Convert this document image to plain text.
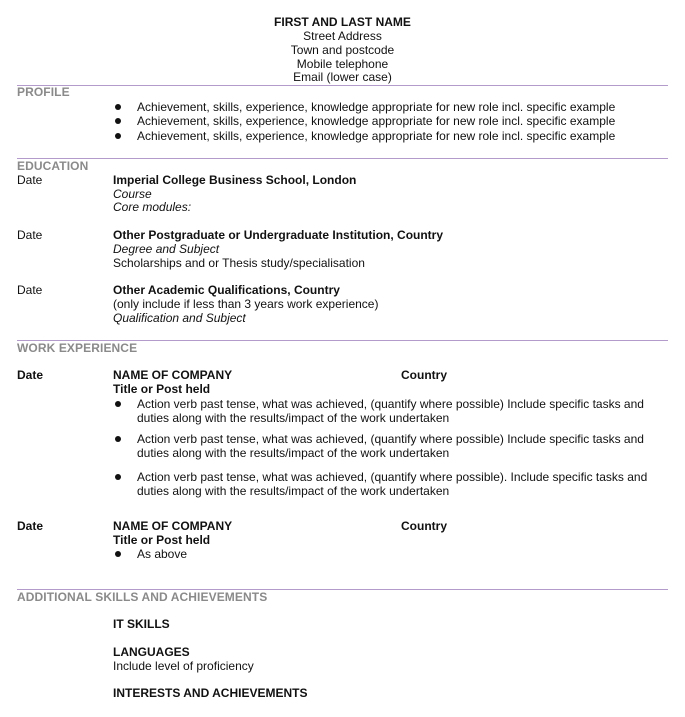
FIRST AND LAST NAME
Street Address
Town and postcode
Mobile telephone
Email (lower case)
PROFILE
Achievement, skills, experience, knowledge appropriate for new role incl. specific example
Achievement, skills, experience, knowledge appropriate for new role incl. specific example
Achievement, skills, experience, knowledge appropriate for new role incl. specific example
EDUCATION
Date	Imperial College Business School, London
Course
Core modules:
Date	Other Postgraduate or Undergraduate Institution, Country
Degree and Subject
Scholarships and or Thesis study/specialisation
Date	Other Academic Qualifications, Country
(only include if less than 3 years work experience)
Qualification and Subject
WORK EXPERIENCE
Date	NAME OF COMPANY	Country
Title or Post held
Action verb past tense, what was achieved, (quantify where possible) Include specific tasks and
duties along with the results/impact of the work undertaken
Action verb past tense, what was achieved, (quantify where possible) Include specific tasks and
duties along with the results/impact of the work undertaken
Action verb past tense, what was achieved, (quantify where possible). Include specific tasks and
duties along with the results/impact of the work undertaken
Date	NAME OF COMPANY	Country
Title or Post held
As above
ADDITIONAL SKILLS AND ACHIEVEMENTS
IT SKILLS
LANGUAGES
Include level of proficiency
INTERESTS AND ACHIEVEMENTS
